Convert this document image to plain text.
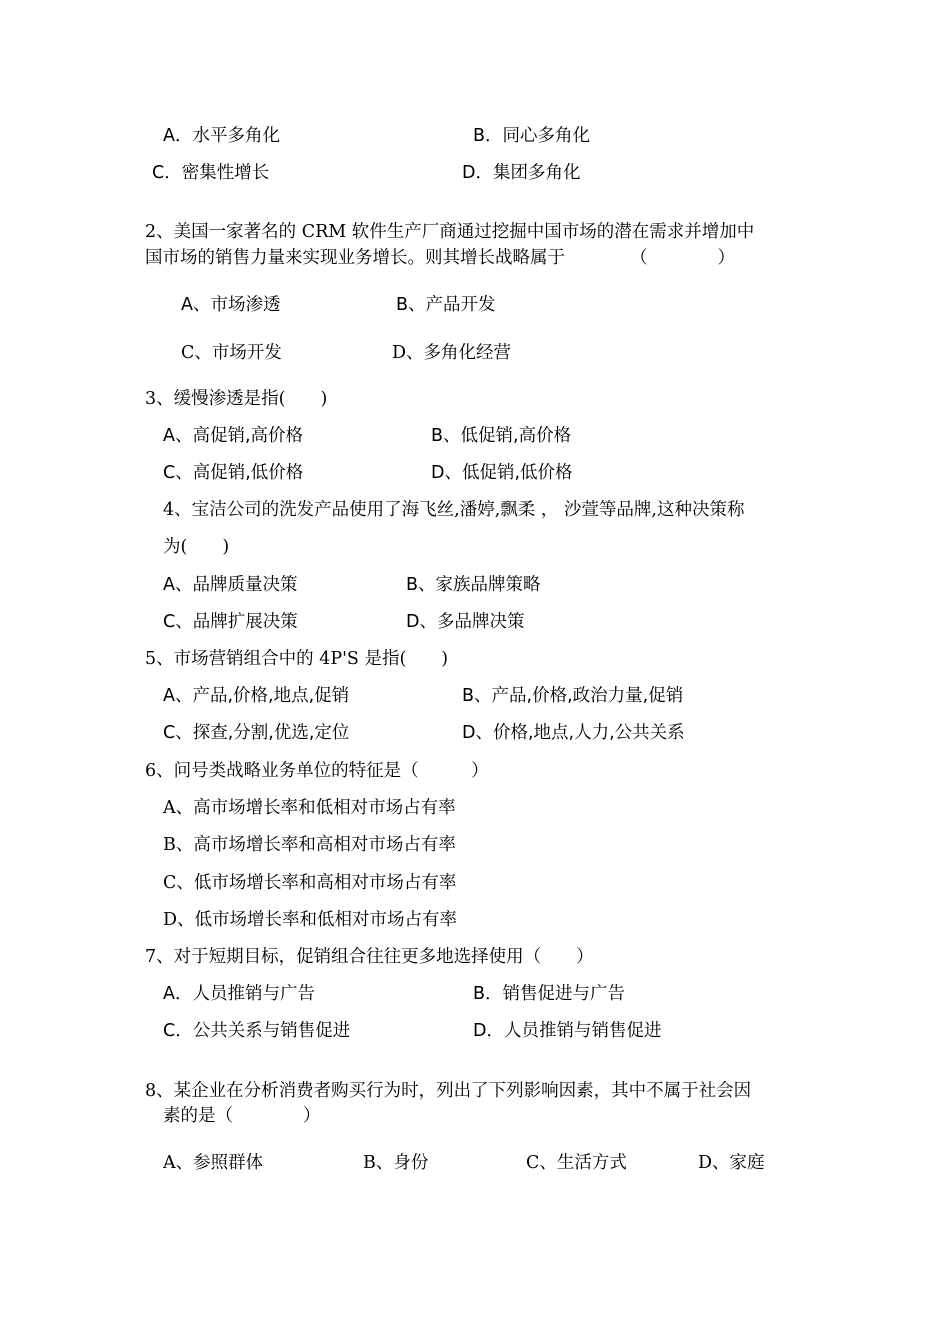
A．水平多角化	B．同心多角化
C．密集性增长	D．集团多角化
2、美国一家著名的 CRM 软件生产厂商通过挖掘中国市场的潜在需求并增加中
国市场的销售力量来实现业务增长。则其增长战略属于	（　　　　）
A、市场渗透	B、产品开发
C、市场开发	D、多角化经营
3、缓慢渗透是指(　　)
A、高促销,高价格	B、低促销,高价格
C、高促销,低价格	D、低促销,低价格
4、宝洁公司的洗发产品使用了海飞丝,潘婷,飘柔 ， 沙萱等品牌,这种决策称
为(　　)
A、品牌质量决策	B、家族品牌策略
C、品牌扩展决策	D、多品牌决策
5、市场营销组合中的 4P'S 是指(　　)
A、产品,价格,地点,促销	B、产品,价格,政治力量,促销
C、探查,分割,优选,定位	D、价格,地点,人力,公共关系
6、问号类战略业务单位的特征是（　　　）
A、高市场增长率和低相对市场占有率
B、高市场增长率和高相对市场占有率
C、低市场增长率和高相对市场占有率
D、低市场增长率和低相对市场占有率
7、对于短期目标，促销组合往往更多地选择使用（　　）
A．人员推销与广告	B．销售促进与广告
C．公共关系与销售促进	D．人员推销与销售促进
8、某企业在分析消费者购买行为时，列出了下列影响因素，其中不属于社会因
素的是（　　　　）
A、参照群体	B、身份	C、生活方式	D、家庭
